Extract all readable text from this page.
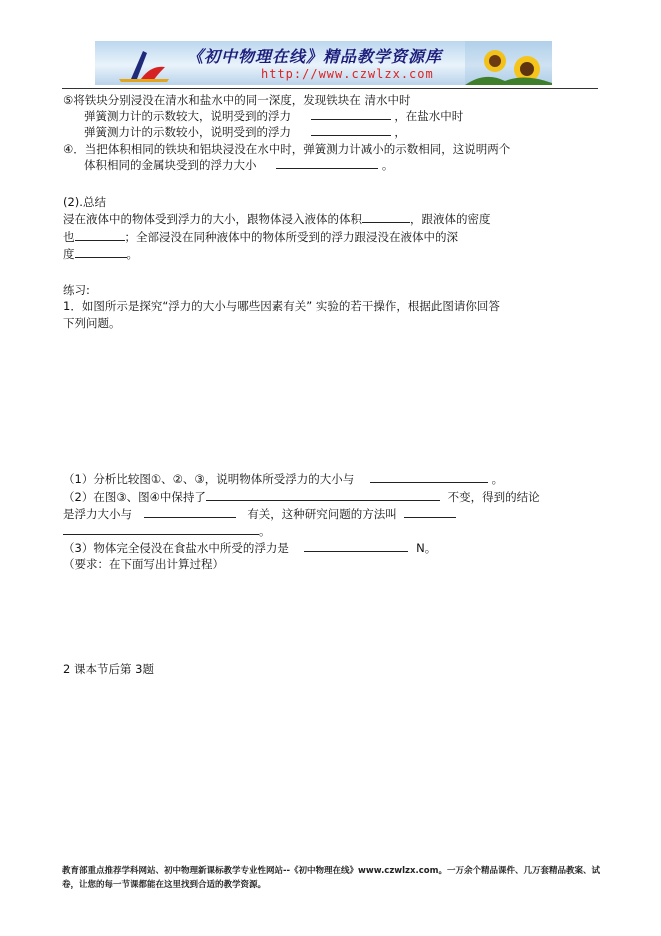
《初中物理在线》精品教学资源库
http://www.czwlzx.com
⑤将铁块分别浸没在清水和盐水中的同一深度，发现铁块在 清水中时
弹簧测力计的示数较大，说明受到的浮力	，在盐水中时
弹簧测力计的示数较小，说明受到的浮力	，
④．当把体积相同的铁块和铝块浸没在水中时，弹簧测力计减小的示数相同，这说明两个
体积相同的金属块受到的浮力大小	。
(2).总结
浸在液体中的物体受到浮力的大小，跟物体浸入液体的体积	，跟液体的密度
也	；全部浸没在同种液体中的物体所受到的浮力跟浸没在液体中的深
度	。
练习:
1．如图所示是探究“浮力的大小与哪些因素有关” 实验的若干操作，根据此图请你回答
下列问题。
（1）分析比较图①、②、③，说明物体所受浮力的大小与	。
（2）在图③、图④中保持了	不变，得到的结论
是浮力大小与	有关，这种研究问题的方法叫
。
（3）物体完全侵没在食盐水中所受的浮力是	N。
（要求：在下面写出计算过程）
2 课本节后第 3题
教育部重点推荐学科网站、初中物理新课标教学专业性网站--《初中物理在线》www.czwlzx.com。一万余个精品课件、几万套精品教案、试卷，让您的每一节课都能在这里找到合适的教学资源。
